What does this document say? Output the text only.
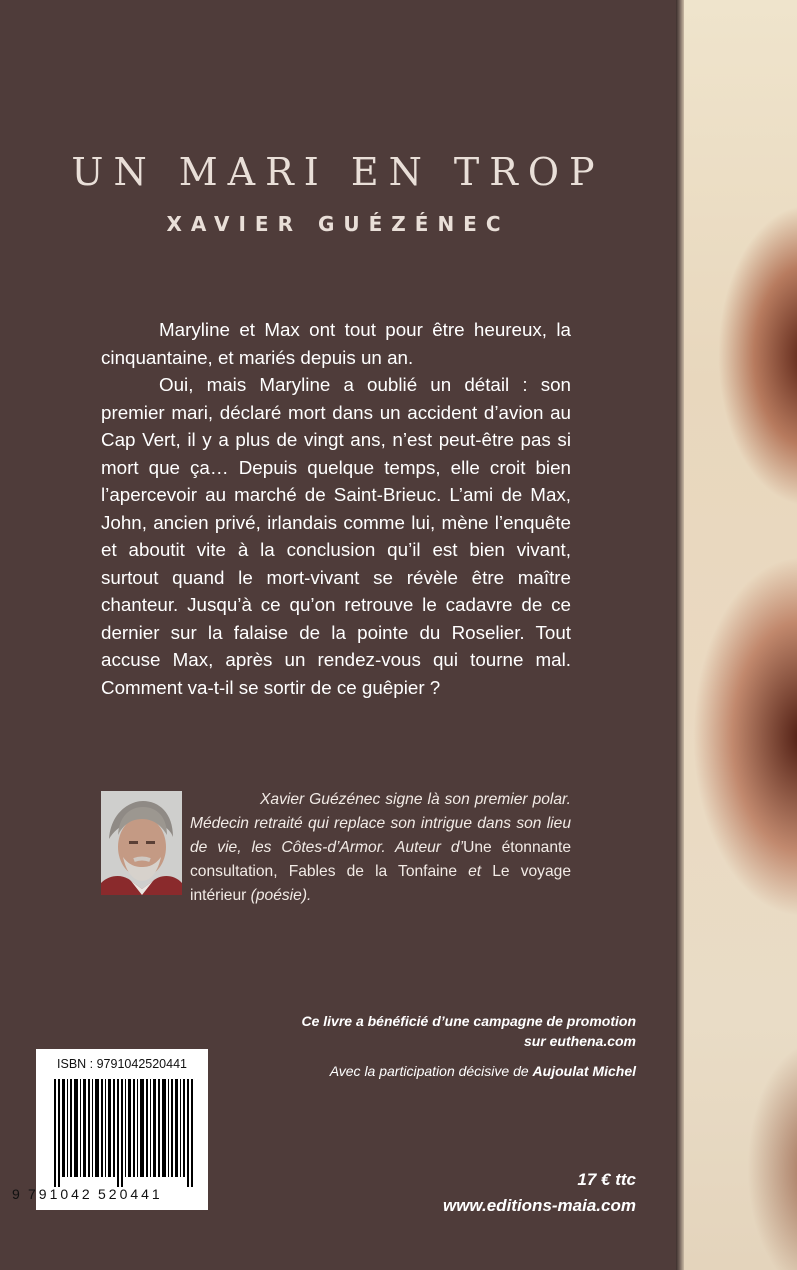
UN MARI EN TROP
XAVIER GUÉZÉNEC

Maryline et Max ont tout pour être heureux, la cinquantaine, et mariés depuis un an.

Oui, mais Maryline a oublié un détail : son premier mari, déclaré mort dans un accident d’avion au Cap Vert, il y a plus de vingt ans, n’est peut-être pas si mort que ça… Depuis quelque temps, elle croit bien l’apercevoir au marché de Saint-Brieuc. L’ami de Max, John, ancien privé, irlandais comme lui, mène l’enquête et aboutit vite à la conclusion qu’il est bien vivant, surtout quand le mort-vivant se révèle être maître chanteur. Jusqu’à ce qu’on retrouve le cadavre de ce dernier sur la falaise de la pointe du Roselier. Tout accuse Max, après un rendez-vous qui tourne mal. Comment va-t-il se sortir de ce guêpier ?

Xavier Guézénec signe là son premier polar. Médecin retraité qui replace son intrigue dans son lieu de vie, les Côtes-d’Armor. Auteur d’Une étonnante consultation, Fables de la Tonfaine et Le voyage intérieur (poésie).
Ce livre a bénéficié d’une campagne de promotion
sur euthena.com
Avec la participation décisive de Aujoulat Michel
ISBN : 9791042520441
9 791042 520441
17 € ttc
www.editions-maia.com
